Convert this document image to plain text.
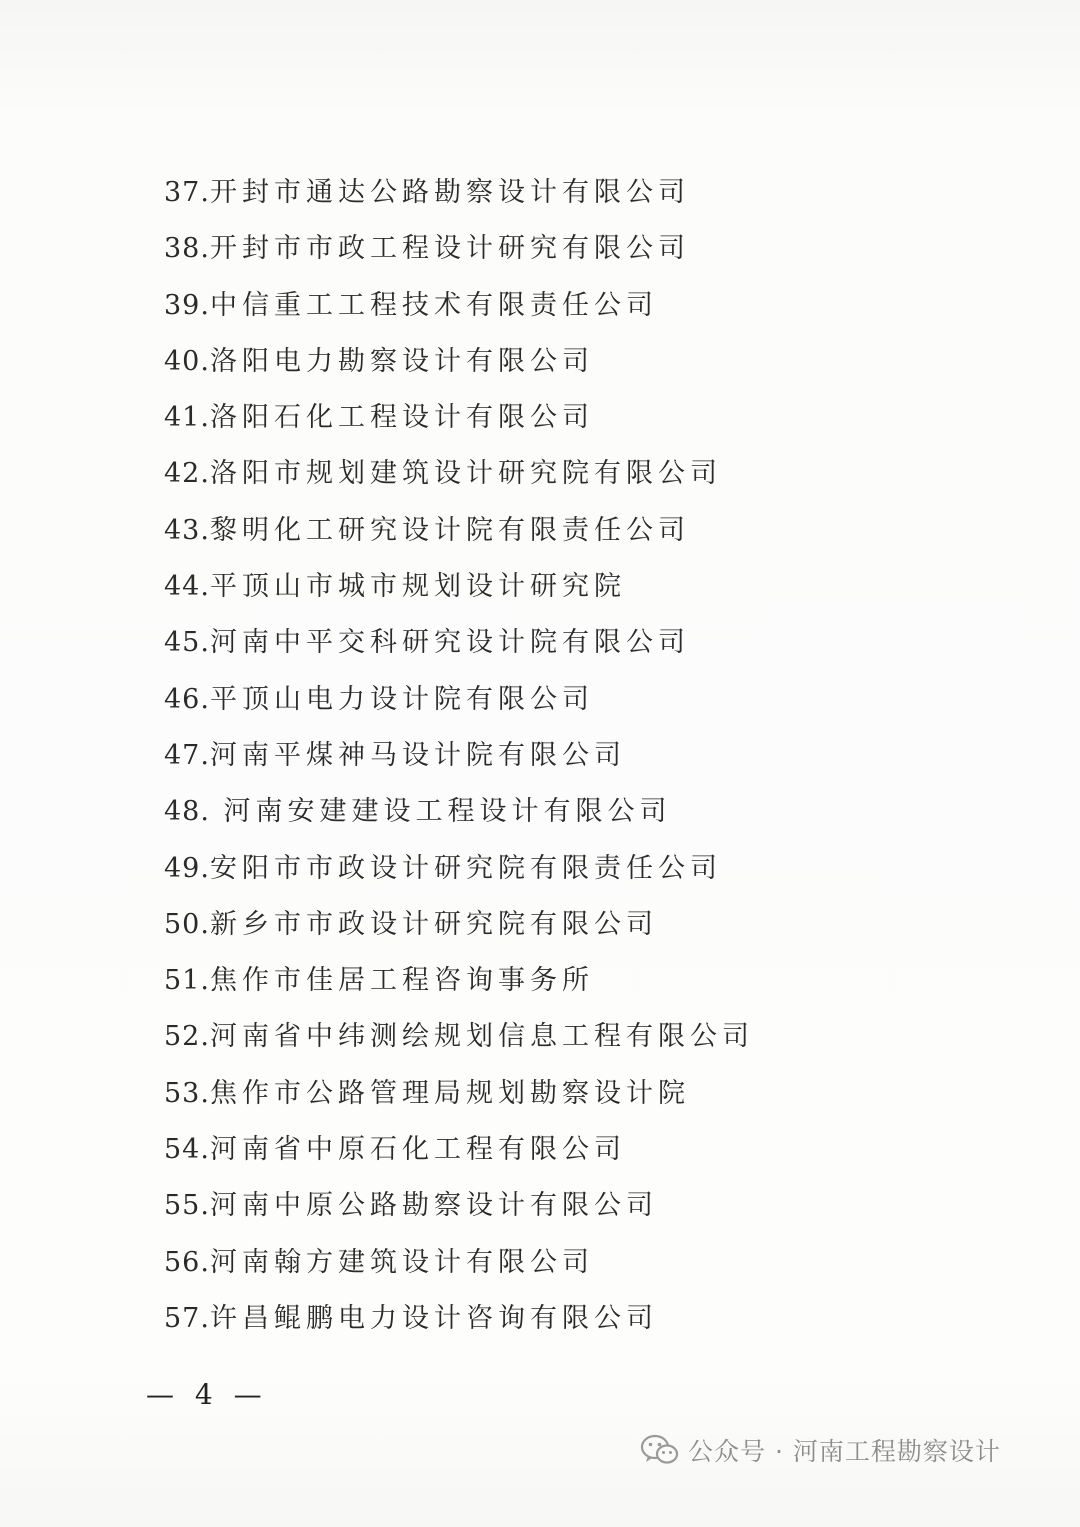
37.开封市通达公路勘察设计有限公司
38.开封市市政工程设计研究有限公司
39.中信重工工程技术有限责任公司
40.洛阳电力勘察设计有限公司
41.洛阳石化工程设计有限公司
42.洛阳市规划建筑设计研究院有限公司
43.黎明化工研究设计院有限责任公司
44.平顶山市城市规划设计研究院
45.河南中平交科研究设计院有限公司
46.平顶山电力设计院有限公司
47.河南平煤神马设计院有限公司
48. 河南安建建设工程设计有限公司
49.安阳市市政设计研究院有限责任公司
50.新乡市市政设计研究院有限公司
51.焦作市佳居工程咨询事务所
52.河南省中纬测绘规划信息工程有限公司
53.焦作市公路管理局规划勘察设计院
54.河南省中原石化工程有限公司
55.河南中原公路勘察设计有限公司
56.河南翰方建筑设计有限公司
57.许昌鲲鹏电力设计咨询有限公司
— 4 —
公众号 · 河南工程勘察设计
